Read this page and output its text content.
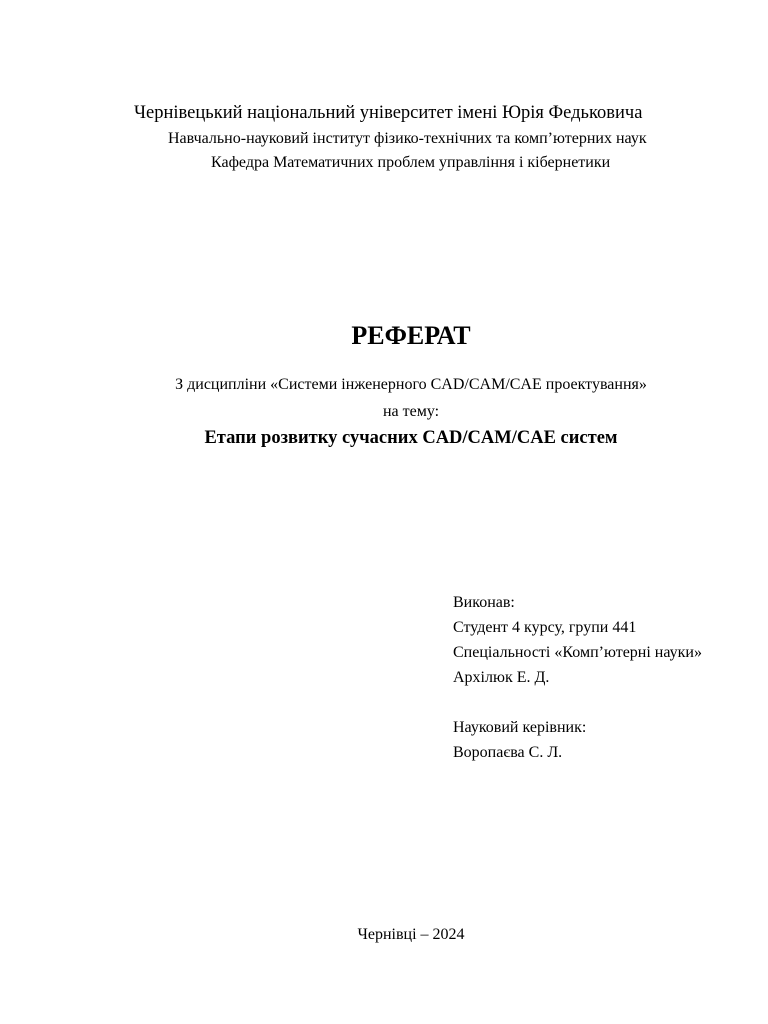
Чернівецький національний університет імені Юрія Федьковича
Навчально-науковий інститут фізико-технічних та комп’ютерних наук
Кафедра Математичних проблем управління і кібернетики
РЕФЕРАТ
З дисципліни «Системи інженерного CAD/CAM/CAE проектування»
на тему:
Етапи розвитку сучасних CAD/CAM/CAE систем
Виконав:
Студент 4 курсу, групи 441
Спеціальності «Комп’ютерні науки»
Архілюк Е. Д.
Науковий керівник:
Воропаєва С. Л.
Чернівці – 2024
